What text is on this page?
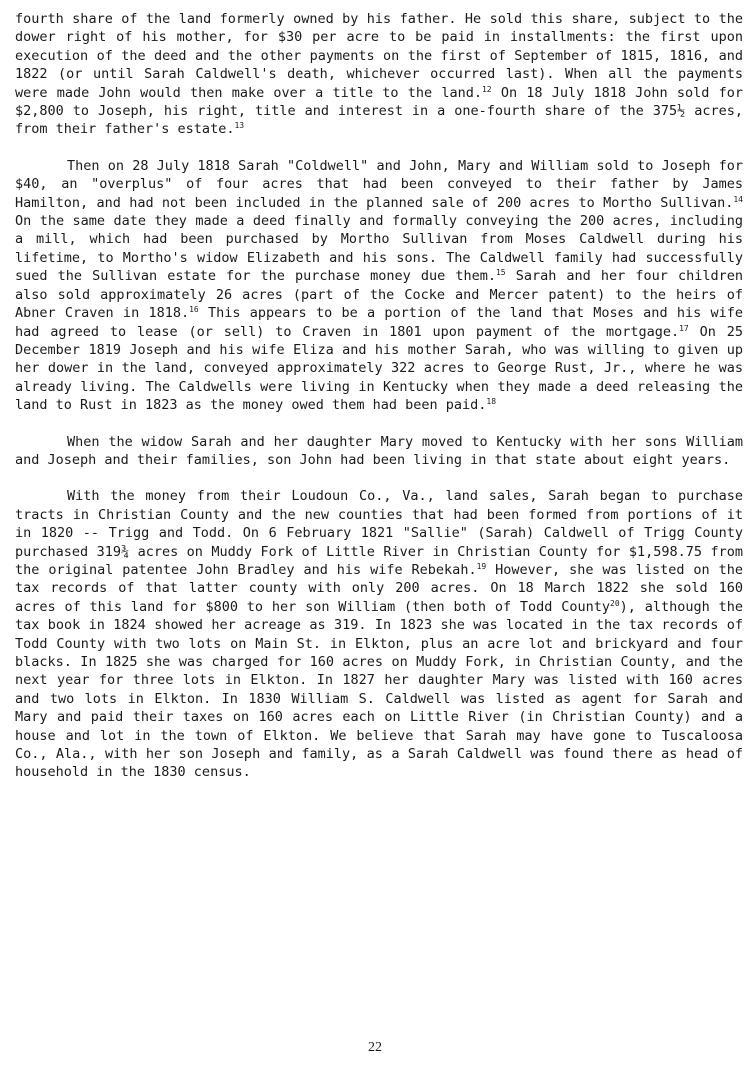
fourth share of the land formerly owned by his father. He sold this share, subject to the dower right of his mother, for $30 per acre to be paid in installments: the first upon execution of the deed and the other payments on the first of September of 1815, 1816, and 1822 (or until Sarah Caldwell's death, whichever occurred last). When all the payments were made John would then make over a title to the land.$^{12}$ On 18 July 1818 John sold for $2,800 to Joseph, his right, title and interest in a one-fourth share of the 375½ acres, from their father's estate.$^{13}$

Then on 28 July 1818 Sarah "Coldwell" and John, Mary and William sold to Joseph for $40, an "overplus" of four acres that had been conveyed to their father by James Hamilton, and had not been included in the planned sale of 200 acres to Mortho Sullivan.$^{14}$ On the same date they made a deed finally and formally conveying the 200 acres, including a mill, which had been purchased by Mortho Sullivan from Moses Caldwell during his lifetime, to Mortho's widow Elizabeth and his sons. The Caldwell family had successfully sued the Sullivan estate for the purchase money due them.$^{15}$ Sarah and her four children also sold approximately 26 acres (part of the Cocke and Mercer patent) to the heirs of Abner Craven in 1818.16 This appears to be a portion of the land that Moses and his wife had agreed to lease (or sell) to Craven in 1801 upon payment of the mortgage.$^{17}$ On 25 December 1819 Joseph and his wife Eliza and his mother Sarah, who was willing to given up her dower in the land, conveyed approximately 322 acres to George Rust, Jr., where he was already living. The Caldwells were living in Kentucky when they made a deed releasing the land to Rust in 1823 as the money owed them had been paid.$^{18}$

When the widow Sarah and her daughter Mary moved to Kentucky with her sons William and Joseph and their families, son John had been living in that state about eight years.

With the money from their Loudoun Co., Va., land sales, Sarah began to purchase tracts in Christian County and the new counties that had been formed from portions of it in 1820 -- Trigg and Todd. On 6 February 1821 "Sallie" (Sarah) Caldwell of Trigg County purchased 319¾ acres on Muddy Fork of Little River in Christian County for $1,598.75 from the original patentee John Bradley and his wife Rebekah.$^{19}$ However, she was listed on the tax records of that latter county with only 200 acres. On 18 March 1822 she sold 160 acres of this land for $800 to her son William (then both of Todd County$^{20}$), although the tax book in 1824 showed her acreage as 319. In 1823 she was located in the tax records of Todd County with two lots on Main St. in Elkton, plus an acre lot and brickyard and four blacks. In 1825 she was charged for 160 acres on Muddy Fork, in Christian County, and the next year for three lots in Elkton. In 1827 her daughter Mary was listed with 160 acres and two lots in Elkton. In 1830 William S. Caldwell was listed as agent for Sarah and Mary and paid their taxes on 160 acres each on Little River (in Christian County) and a house and lot in the town of Elkton. We believe that Sarah may have gone to Tuscaloosa Co., Ala., with her son Joseph and family, as a Sarah Caldwell was found there as head of household in the 1830 census.

22
